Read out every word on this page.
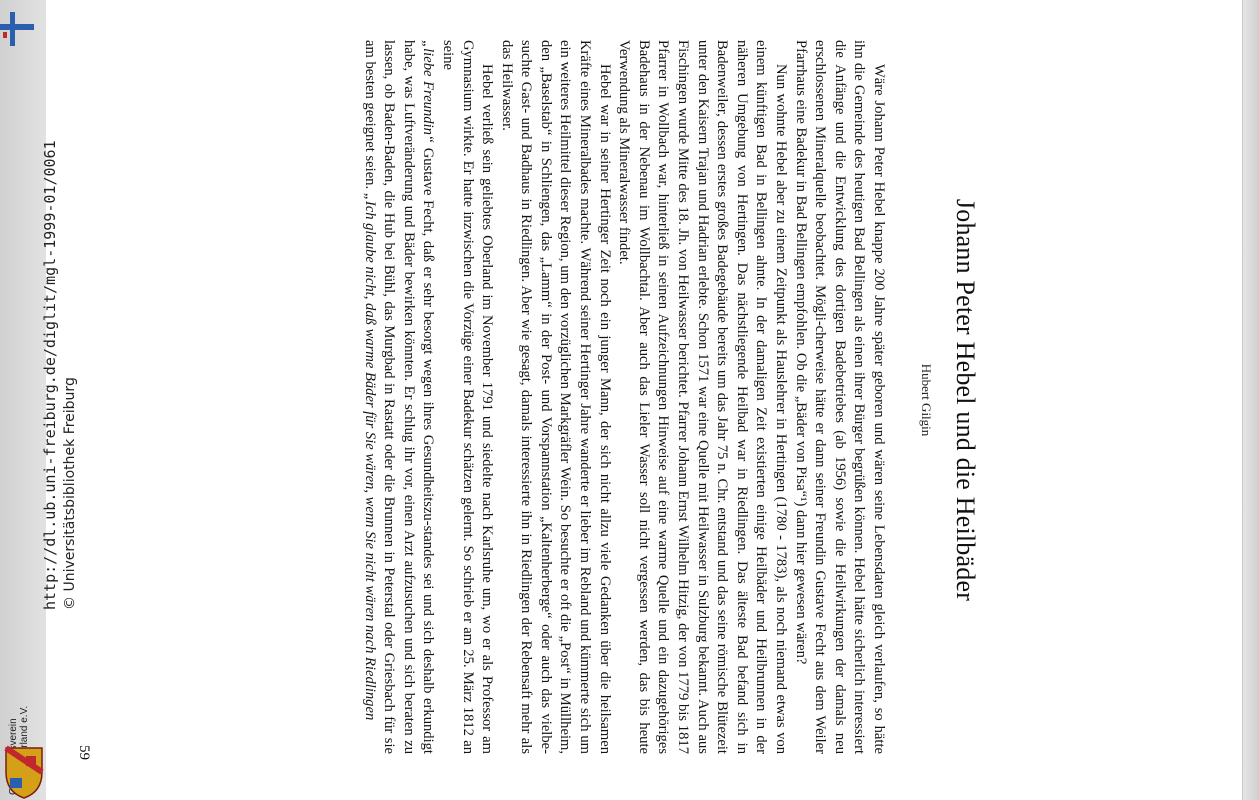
Johann Peter Hebel und die Heilbäder
Hubert Gilgin

Wäre Johann Peter Hebel knappe 200 Jahre später geboren und wären seine Lebensdaten gleich verlaufen, so hätte ihn die Gemeinde des heutigen Bad Bellingen als einen ihrer Bürger begrüßen können. Hebel hätte sicherlich interessiert die Anfänge und die Entwicklung des dortigen Badebetriebes (ab 1956) sowie die Heilwirkungen der damals neu erschlossenen Mineralquelle beobachtet. Mögli-cherweise hätte er dann seiner Freundin Gustave Fecht aus dem Weiler Pfarrhaus eine Badekur in Bad Bellingen empfohlen. Ob die „Bäder von Pisa“¹) dann hier gewesen wären?

Nun wohnte Hebel aber zu einem Zeitpunkt als Hauslehrer in Hertingen (1780 - 1783), als noch niemand etwas von einem künftigen Bad in Bellingen ahnte. In der damaligen Zeit existierten einige Heilbäder und Heilbrunnen in der näheren Umgebung von Hertingen. Das nächstliegende Heilbad war in Riedlingen. Das älteste Bad befand sich in Badenweiler, dessen erstes großes Badegebäude bereits um das Jahr 75 n. Chr. entstand und das seine römische Blütezeit unter den Kaisern Trajan und Hadrian erlebte. Schon 1571 war eine Quelle mit Heilwasser in Sulzburg bekannt. Auch aus Fischingen wurde Mitte des 18. Jh. von Heilwasser berichtet. Pfarrer Johann Ernst Wilhelm Hitzig, der von 1779 bis 1817 Pfarrer in Wollbach war, hinterließ in seinen Aufzeichnungen Hinweise auf eine warme Quelle und ein dazugehöriges Badehaus in der Nebenau im Wollbachtal. Aber auch das Lieler Wasser soll nicht vergessen werden, das bis heute Verwendung als Mineralwasser findet.

Hebel war in seiner Hertinger Zeit noch ein junger Mann, der sich nicht allzu viele Gedanken über die heilsamen Kräfte eines Mineralbades machte. Während seiner Hertinger Jahre wanderte er lieber im Rebland und kümmerte sich um ein weiteres Heilmittel dieser Region, um den vorzüglichen Markgräfler Wein. So besuchte er oft die „Post“ in Müllheim, den „Baselstab“ in Schliengen, das „Lamm“ in der Post- und Vorspannstation „Kaltenherberge“ oder auch das vielbe-suchte Gast- und Badhaus in Riedlingen. Aber wie gesagt, damals interessierte ihn in Riedlingen der Rebensaft mehr als das Heilwasser.

Hebel verließ sein geliebtes Oberland im November 1791 und siedelte nach Karlsruhe um, wo er als Professor am Gymnasium wirkte. Er hatte inzwischen die Vorzüge einer Badekur schätzen gelernt. So schrieb er am 25. März 1812 an seine

„liebe Freundin“ Gustave Fecht, daß er sehr besorgt wegen ihres Gesundheitszu-standes sei und sich deshalb erkundigt habe, was Luftveränderung und Bäder bewirken könnten. Er schlug ihr vor, einen Arzt aufzusuchen und sich beraten zu lassen, ob Baden-Baden, die Hub bei Bühl, das Murgbad in Rastatt oder die Brunnen in Peterstal oder Griesbach für sie am besten geeignet seien. „Ich glaube nicht, daß warme Bäder für Sie wären, wenn Sie nicht wären nach Riedlingen

59
http://dl.ub.uni-freiburg.de/diglit/mgl-1999-01/0061 © Universitätsbibliothek Freiburg
